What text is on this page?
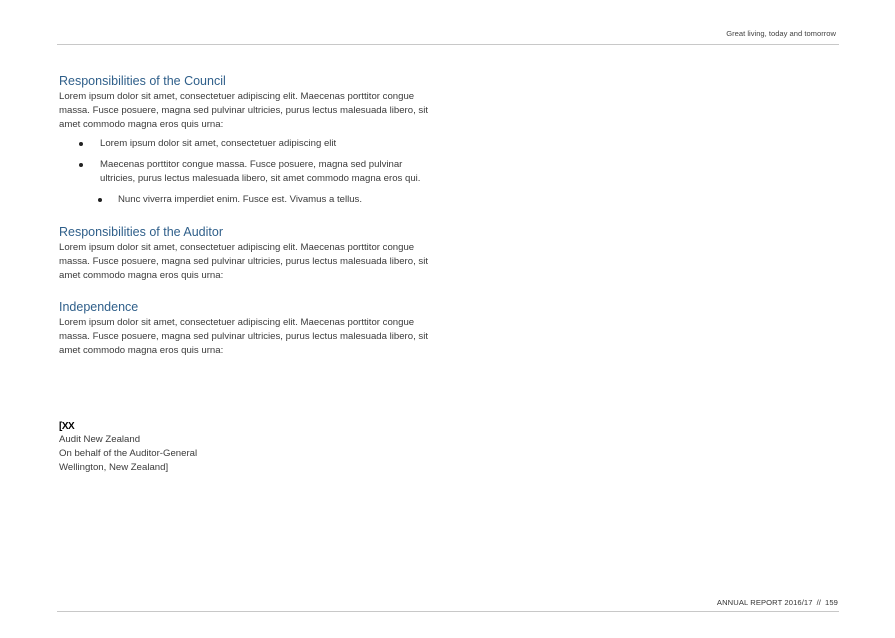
Great living, today and tomorrow
Responsibilities of the Council

Lorem ipsum dolor sit amet, consectetuer adipiscing elit. Maecenas porttitor congue massa. Fusce posuere, magna sed pulvinar ultricies, purus lectus malesuada libero, sit amet commodo magna eros quis urna:

Lorem ipsum dolor sit amet, consectetuer adipiscing elit
Maecenas porttitor congue massa. Fusce posuere, magna sed pulvinar ultricies, purus lectus malesuada libero, sit amet commodo magna eros qui.
Nunc viverra imperdiet enim. Fusce est. Vivamus a tellus.
Responsibilities of the Auditor

Lorem ipsum dolor sit amet, consectetuer adipiscing elit. Maecenas porttitor congue massa. Fusce posuere, magna sed pulvinar ultricies, purus lectus malesuada libero, sit amet commodo magna eros quis urna:

Independence

Lorem ipsum dolor sit amet, consectetuer adipiscing elit. Maecenas porttitor congue massa. Fusce posuere, magna sed pulvinar ultricies, purus lectus malesuada libero, sit amet commodo magna eros quis urna:

[XX

Audit New Zealand

On behalf of the Auditor-General

Wellington, New Zealand]

ANNUAL REPORT 2016/17 // 159
